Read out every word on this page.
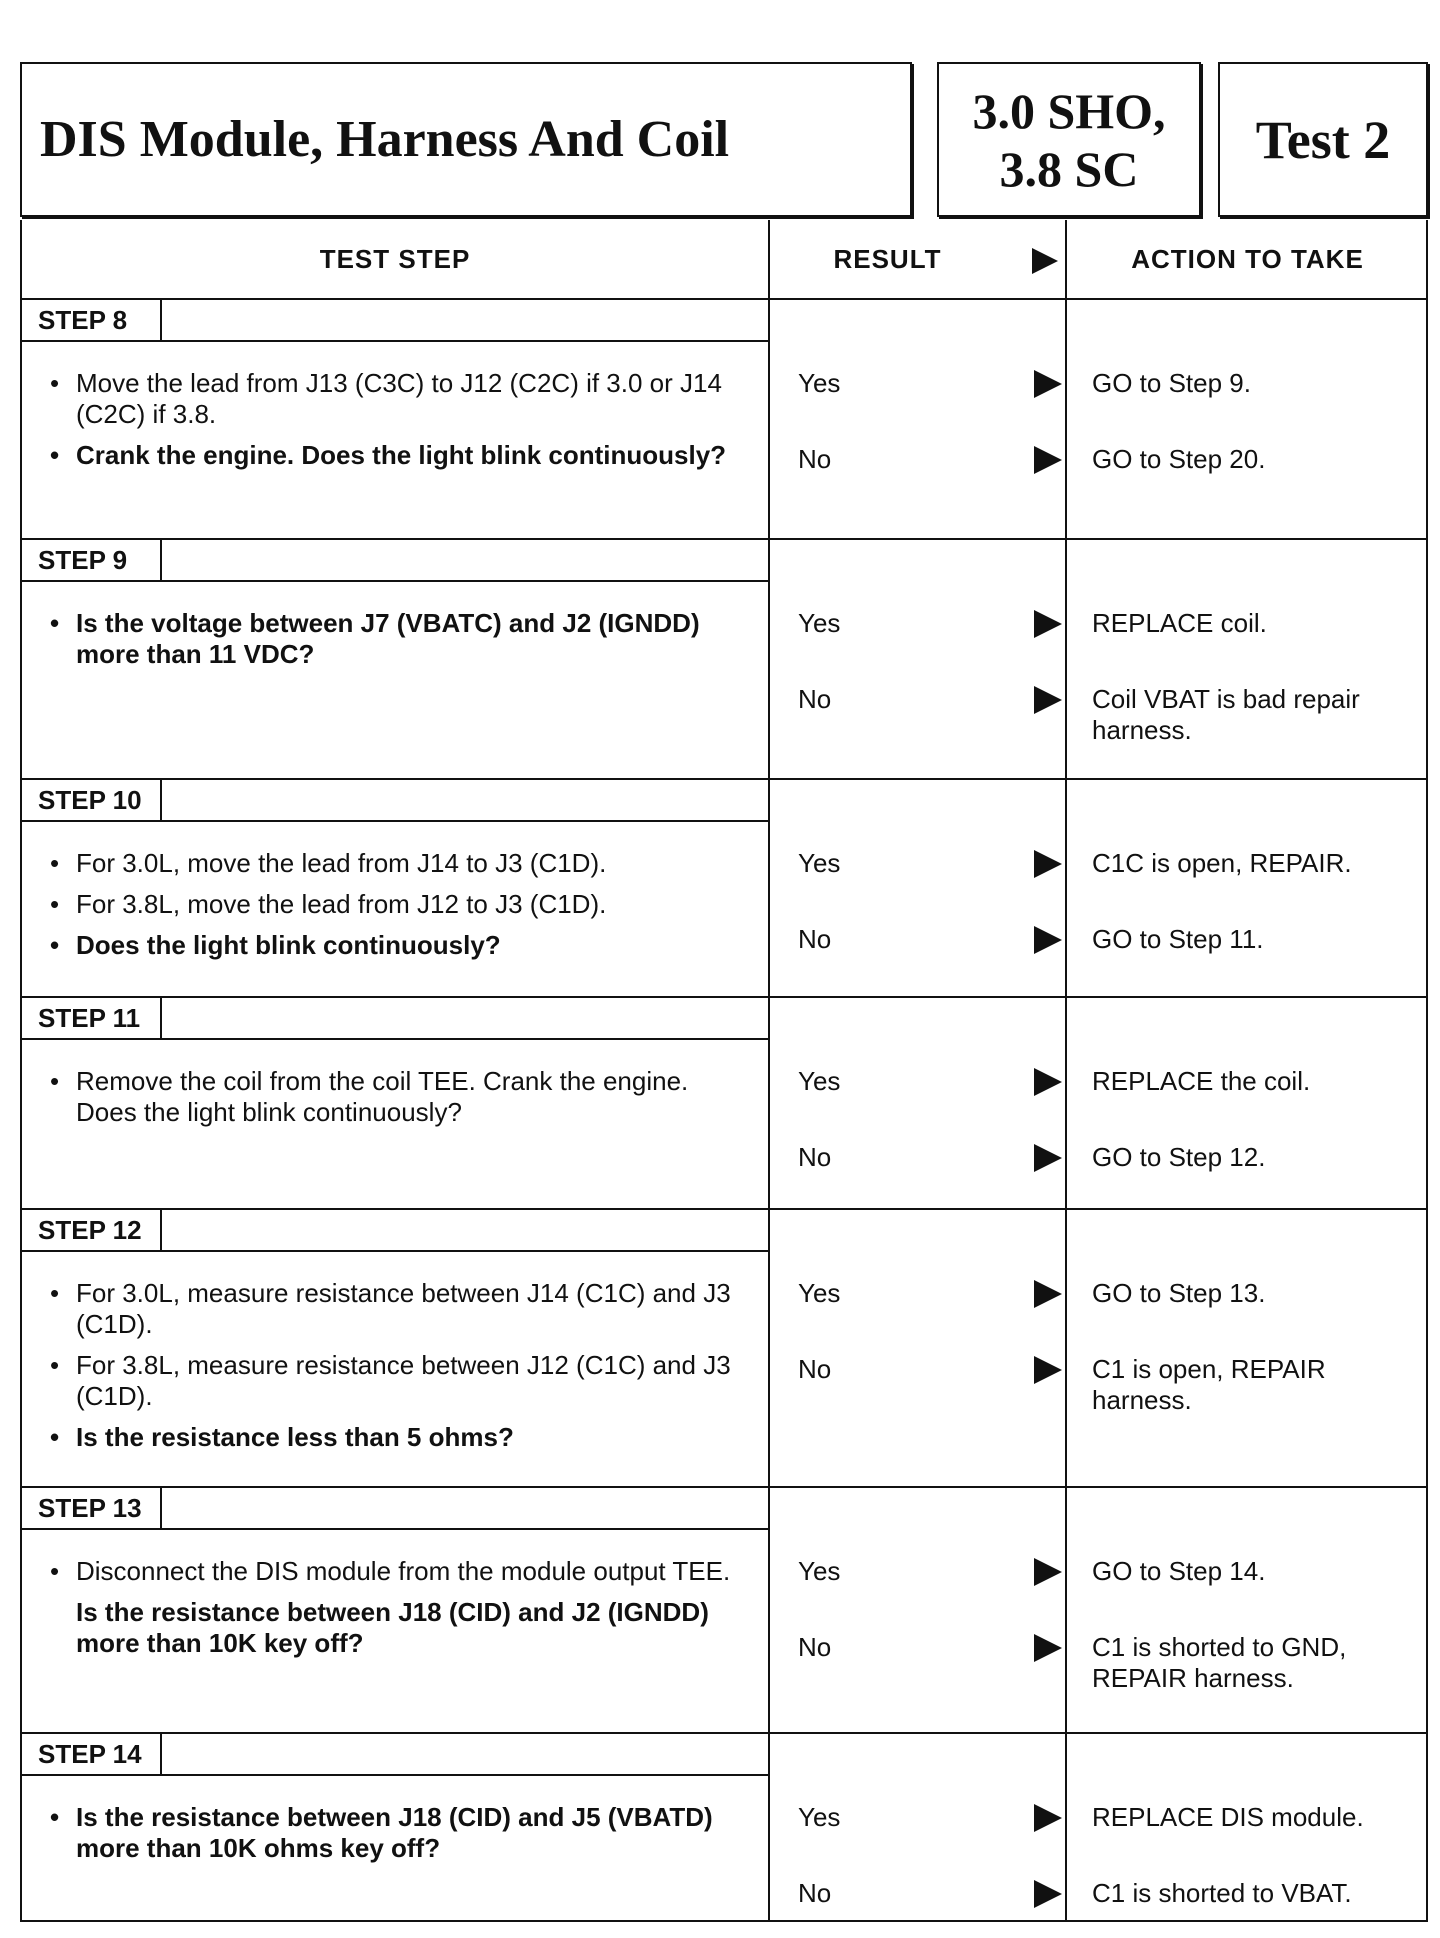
DIS Module, Harness And Coil
3.0 SHO,
3.8 SC	Test 2
TEST STEP	RESULT	ACTION TO TAKE
STEP 8
• Move the lead from J13 (C3C) to J12 (C2C) if 3.0 or J14 (C2C) if 3.8.
• Crank the engine. Does the light blink continuously?
Yes	GO to Step 9.
No	GO to Step 20.
STEP 9
• Is the voltage between J7 (VBATC) and J2 (IGNDD) more than 11 VDC?
Yes	REPLACE coil.
No	Coil VBAT is bad repair harness.
STEP 10
• For 3.0L, move the lead from J14 to J3 (C1D).
• For 3.8L, move the lead from J12 to J3 (C1D).
• Does the light blink continuously?
Yes	C1C is open, REPAIR.
No	GO to Step 11.
STEP 11
• Remove the coil from the coil TEE. Crank the engine. Does the light blink continuously?
Yes	REPLACE the coil.
No	GO to Step 12.
STEP 12
• For 3.0L, measure resistance between J14 (C1C) and J3 (C1D).
• For 3.8L, measure resistance between J12 (C1C) and J3 (C1D).
• Is the resistance less than 5 ohms?
Yes	GO to Step 13.
No	C1 is open, REPAIR harness.
STEP 13
• Disconnect the DIS module from the module output TEE.
Is the resistance between J18 (CID) and J2 (IGNDD) more than 10K key off?
Yes	GO to Step 14.
No	C1 is shorted to GND, REPAIR harness.
STEP 14
• Is the resistance between J18 (CID) and J5 (VBATD) more than 10K ohms key off?
Yes	REPLACE DIS module.
No	C1 is shorted to VBAT.
